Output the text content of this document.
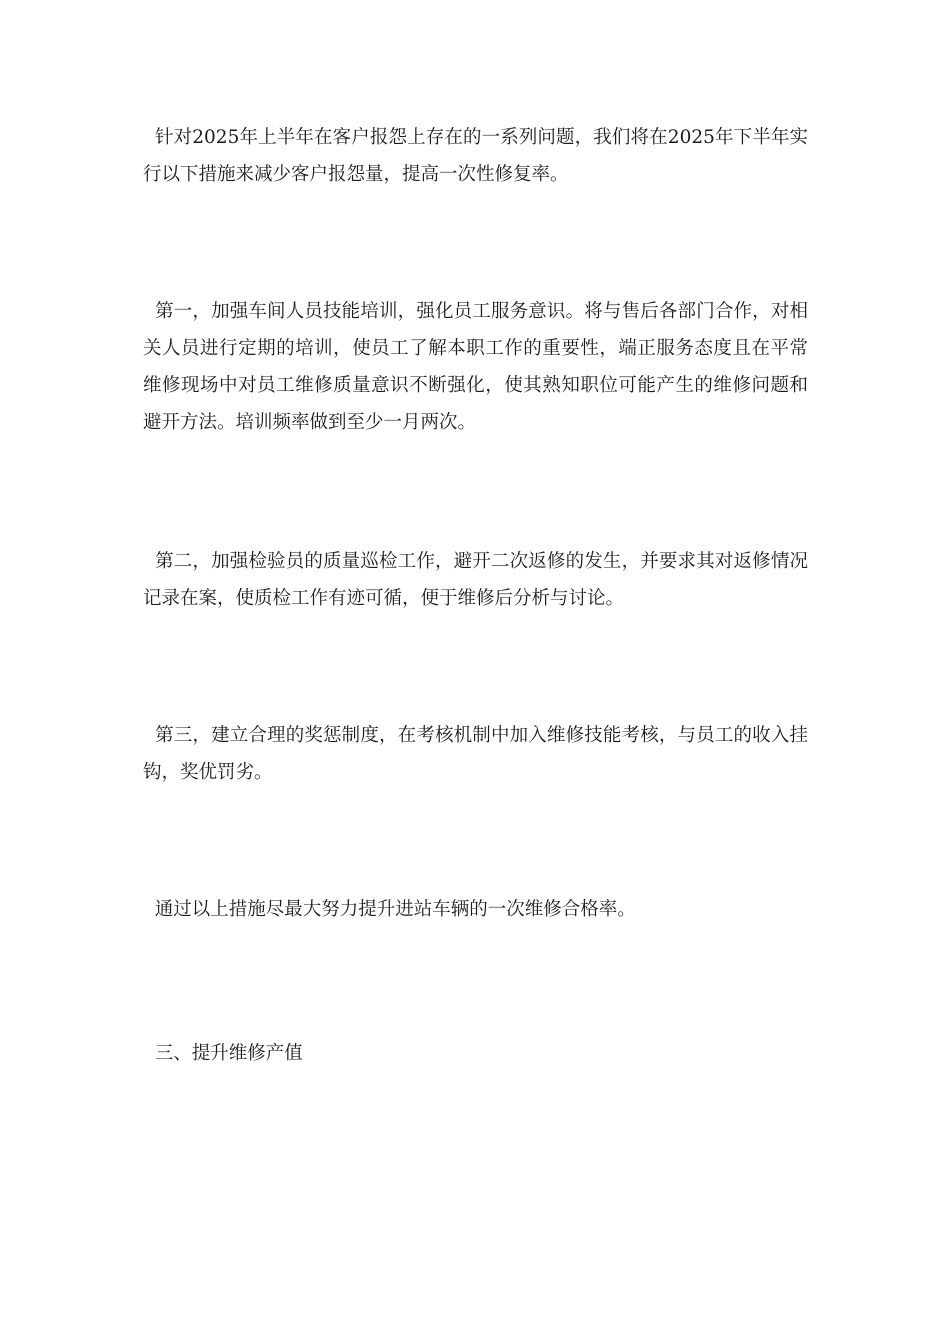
针对2025年上半年在客户报怨上存在的一系列问题，我们将在2025年下半年实行以下措施来减少客户报怨量，提高一次性修复率。

第一，加强车间人员技能培训，强化员工服务意识。将与售后各部门合作，对相关人员进行定期的培训，使员工了解本职工作的重要性，端正服务态度且在平常维修现场中对员工维修质量意识不断强化，使其熟知职位可能产生的维修问题和避开方法。培训频率做到至少一月两次。

第二，加强检验员的质量巡检工作，避开二次返修的发生，并要求其对返修情况记录在案，使质检工作有迹可循，便于维修后分析与讨论。

第三，建立合理的奖惩制度，在考核机制中加入维修技能考核，与员工的收入挂钩，奖优罚劣。

通过以上措施尽最大努力提升进站车辆的一次维修合格率。

三、提升维修产值
